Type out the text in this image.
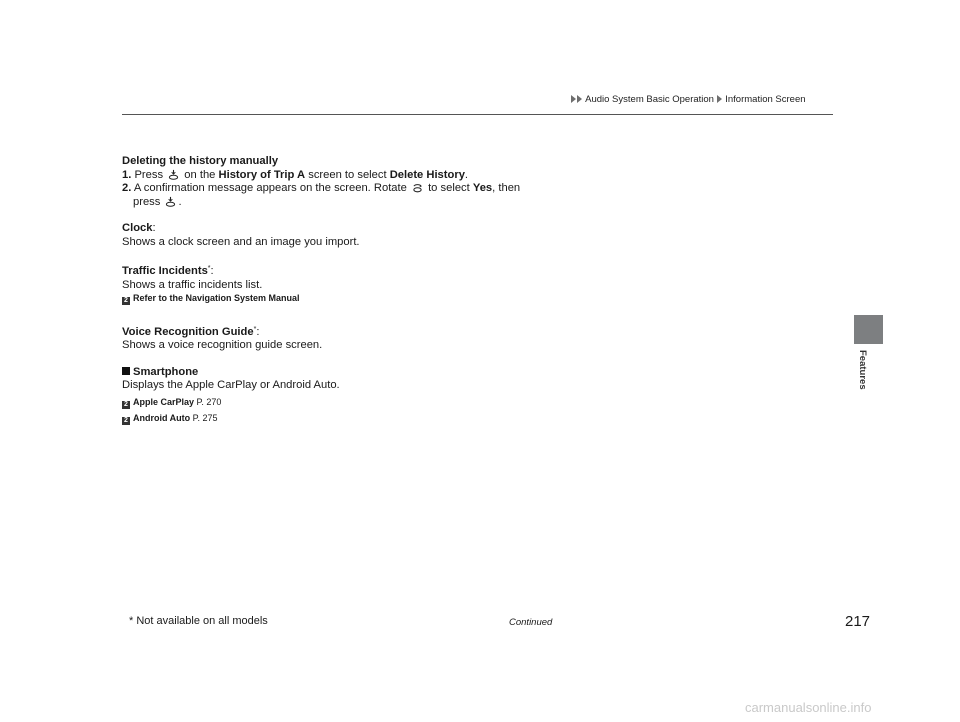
Audio System Basic Operation Information Screen
Features

Deleting the history manually

1. Press on the History of Trip A screen to select Delete History.

2. A confirmation message appears on the screen. Rotate to select Yes, then

press .

Clock:

Shows a clock screen and an image you import.

Traffic Incidents*:

Shows a traffic incidents list.

2 Refer to the Navigation System Manual

Voice Recognition Guide*:

Shows a voice recognition guide screen.

Smartphone

Displays the Apple CarPlay or Android Auto.

2 Apple CarPlay P. 270

2 Android Auto P. 275

* Not available on all models	Continued	217
carmanualsonline.info
